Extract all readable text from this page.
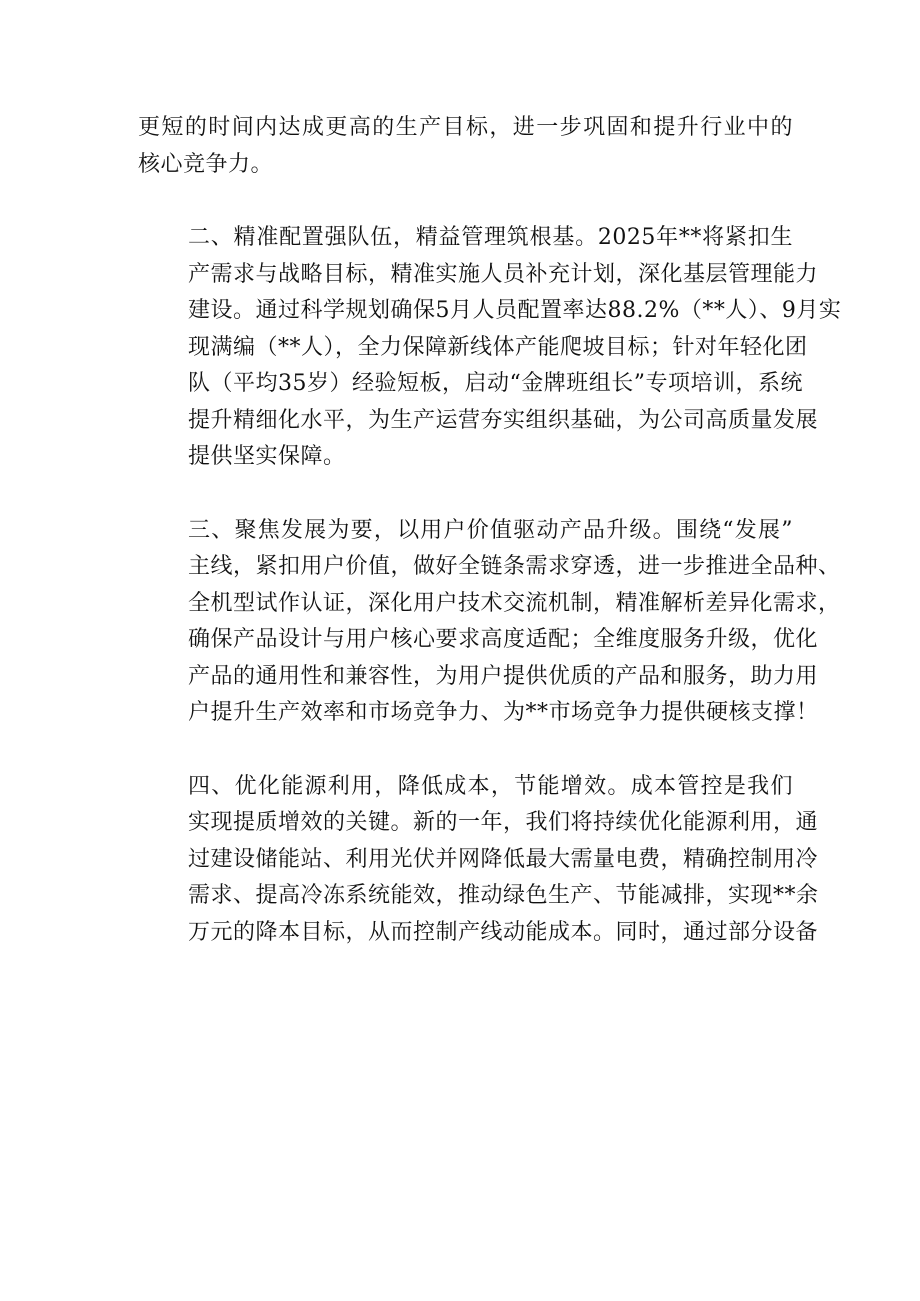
更短的时间内达成更高的生产目标，进一步巩固和提升行业中的
核心竞争力。

二、精准配置强队伍，精益管理筑根基。2025年**将紧扣生
产需求与战略目标，精准实施人员补充计划，深化基层管理能力
建设。通过科学规划确保5月人员配置率达88.2%（**人）、9月实
现满编（**人），全力保障新线体产能爬坡目标；针对年轻化团
队（平均35岁）经验短板，启动“金牌班组长”专项培训，系统
提升精细化水平，为生产运营夯实组织基础，为公司高质量发展
提供坚实保障。

三、聚焦发展为要，以用户价值驱动产品升级。围绕“发展”
主线，紧扣用户价值，做好全链条需求穿透，进一步推进全品种、
全机型试作认证，深化用户技术交流机制，精准解析差异化需求，
确保产品设计与用户核心要求高度适配；全维度服务升级，优化
产品的通用性和兼容性，为用户提供优质的产品和服务，助力用
户提升生产效率和市场竞争力、为**市场竞争力提供硬核支撑！

四、优化能源利用，降低成本，节能增效。成本管控是我们
实现提质增效的关键。新的一年，我们将持续优化能源利用，通
过建设储能站、利用光伏并网降低最大需量电费，精确控制用冷
需求、提高冷冻系统能效，推动绿色生产、节能减排，实现**余
万元的降本目标，从而控制产线动能成本。同时，通过部分设备
